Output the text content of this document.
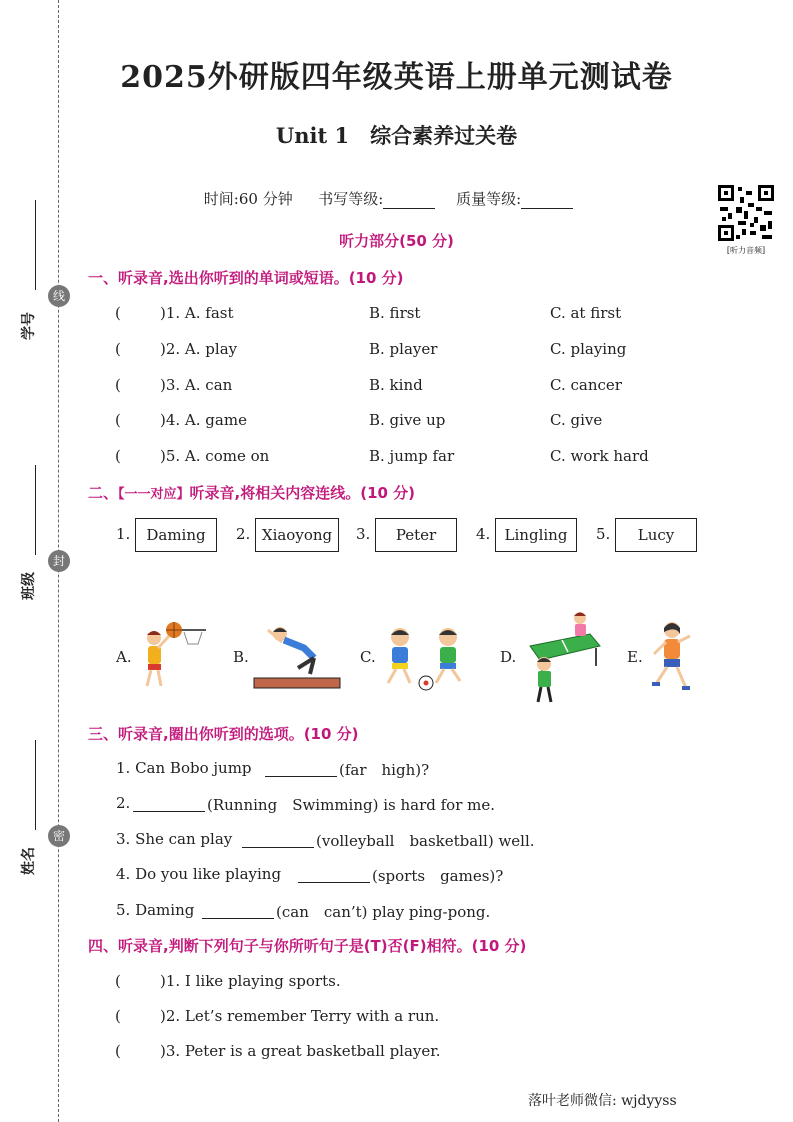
学号
线
班级
封
姓名
密
2025外研版四年级英语上册单元测试卷
Unit 1　综合素养过关卷
时间:60 分钟 书写等级:	质量等级:
[听力音频]
听力部分(50 分)
一、听录音,选出你听到的单词或短语。(10 分)
(	)1. A. fast	B. first	C. at first
(	)2. A. play	B. player	C. playing
(	)3. A. can	B. kind	C. cancer
(	)4. A. game	B. give up	C. give
(	)5. A. come on	B. jump far	C. work hard
二、【一一对应】听录音,将相关内容连线。(10 分)
1.	Daming	2. Xiaoyong	3.	Peter	4. Lingling	5.	Lucy
A.	B.	C.	D.	E.
三、听录音,圈出你听到的选项。(10 分)
1. Can Bobo jump	(far　high)?
2.	(Running　Swimming) is hard for me.
3. She can play	(volleyball　basketball) well.
4. Do you like playing	(sports　games)?
5. Daming	(can　can’t) play ping-pong.
四、听录音,判断下列句子与你所听句子是(T)否(F)相符。(10 分)
(	)1. I like playing sports.
(	)2. Let’s remember Terry with a run.
(	)3. Peter is a great basketball player.
落叶老师微信: wjdyyss
